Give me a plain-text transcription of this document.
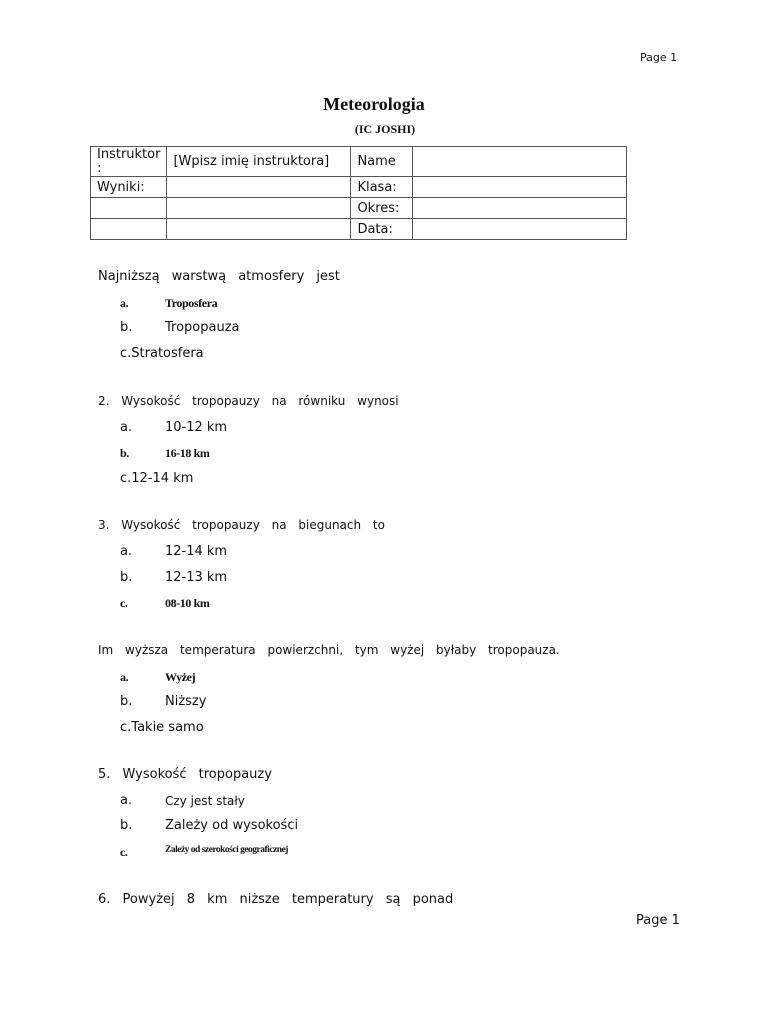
Page 1
Meteorologia
(IC JOSHI)
Instruktor
:	[Wpisz imię instruktora]	Name	
Wyniki:		Klasa:	
		Okres:	
		Data:	
Najniższą warstwą atmosfery jest
a.	Troposfera
b.	Tropopauza
c.Stratosfera
2. Wysokość tropopauzy na równiku wynosi
a.	10-12 km
b.	16-18 km
c.12-14 km
3. Wysokość tropopauzy na biegunach to
a.	12-14 km
b.	12-13 km
c.	08-10 km
Im wyższa temperatura powierzchni, tym wyżej byłaby tropopauza.
a.	Wyżej
b.	Niższy
c.Takie samo
5. Wysokość tropopauzy
a.	Czy jest stały
b.	Zależy od wysokości
c.	Zależy od szerokości geograficznej
6. Powyżej 8 km niższe temperatury są ponad
Page 1
